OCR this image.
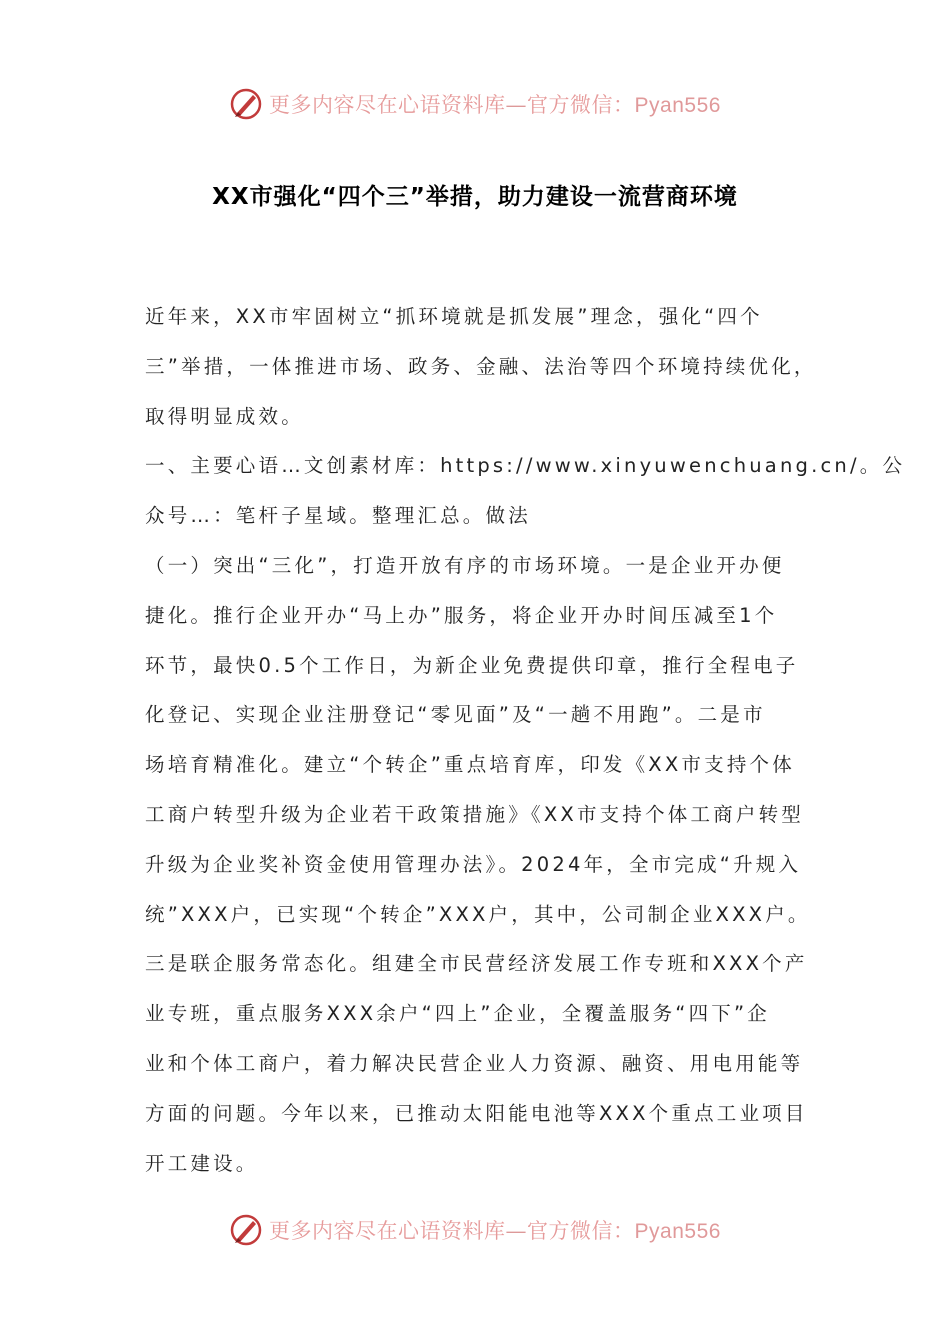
更多内容尽在心语资料库—官方微信：Pyan556
XX市强化“四个三”举措，助力建设一流营商环境
近年来，XX市牢固树立“抓环境就是抓发展”理念，强化“四个
三”举措，一体推进市场、政务、金融、法治等四个环境持续优化，
取得明显成效。
一、主要心语…文创素材库：https://www.xinyuwenchuang.cn/。公
众号…：笔杆子星域。整理汇总。做法
（一）突出“三化”，打造开放有序的市场环境。一是企业开办便
捷化。推行企业开办“马上办”服务，将企业开办时间压减至1个
环节，最快0.5个工作日，为新企业免费提供印章，推行全程电子
化登记、实现企业注册登记“零见面”及“一趟不用跑”。二是市
场培育精准化。建立“个转企”重点培育库，印发《XX市支持个体
工商户转型升级为企业若干政策措施》《XX市支持个体工商户转型
升级为企业奖补资金使用管理办法》。2024年，全市完成“升规入
统”XXX户，已实现“个转企”XXX户，其中，公司制企业XXX户。
三是联企服务常态化。组建全市民营经济发展工作专班和XXX个产
业专班，重点服务XXX余户“四上”企业，全覆盖服务“四下”企
业和个体工商户，着力解决民营企业人力资源、融资、用电用能等
方面的问题。今年以来，已推动太阳能电池等XXX个重点工业项目
开工建设。
更多内容尽在心语资料库—官方微信：Pyan556
